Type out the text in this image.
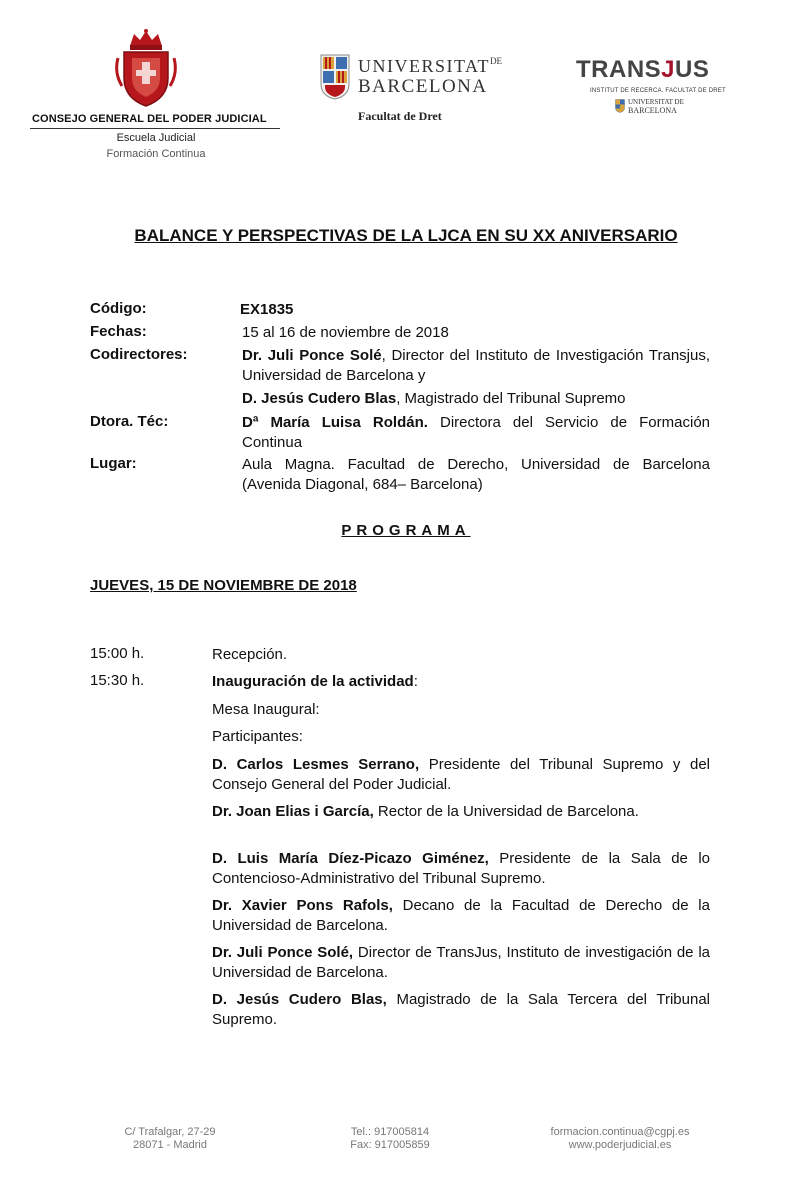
CONSEJO GENERAL DEL PODER JUDICIAL
Escuela Judicial
Formación Continua
$UNIVERSITAT^{DE}$
BARCELONA
Facultat de Dret
TRANSJUS
INSTITUT DE RECERCA. FACULTAT DE DRET
UNIVERSITAT DE
BARCELONA
BALANCE Y PERSPECTIVAS DE LA LJCA EN SU XX ANIVERSARIO
Código:	EX1835
Fechas:	15 al 16 de noviembre de 2018
Codirectores:	Dr. Juli Ponce Solé, Director del Instituto de Investigación Transjus, Universidad de Barcelona y
D. Jesús Cudero Blas, Magistrado del Tribunal Supremo
Dtora. Téc:	Dª María Luisa Roldán. Directora del Servicio de Formación Continua
Lugar:	Aula Magna. Facultad de Derecho, Universidad de Barcelona (Avenida Diagonal, 684– Barcelona)
PROGRAMA
JUEVES, 15 DE NOVIEMBRE DE 2018
15:00 h.	Recepción.
15:30 h.	Inauguración de la actividad:
Mesa Inaugural:
Participantes:
D. Carlos Lesmes Serrano, Presidente del Tribunal Supremo y del Consejo General del Poder Judicial.
Dr. Joan Elias i García, Rector de la Universidad de Barcelona.
D. Luis María Díez-Picazo Giménez, Presidente de la Sala de lo Contencioso-Administrativo del Tribunal Supremo.
Dr. Xavier Pons Rafols, Decano de la Facultad de Derecho de la Universidad de Barcelona.
Dr. Juli Ponce Solé, Director de TransJus, Instituto de investigación de la Universidad de Barcelona.
D. Jesús Cudero Blas, Magistrado de la Sala Tercera del Tribunal Supremo.
C/ Trafalgar, 27-29
28071 - Madrid
Tel.: 917005814
Fax: 917005859
formacion.continua@cgpj.es
www.poderjudicial.es
